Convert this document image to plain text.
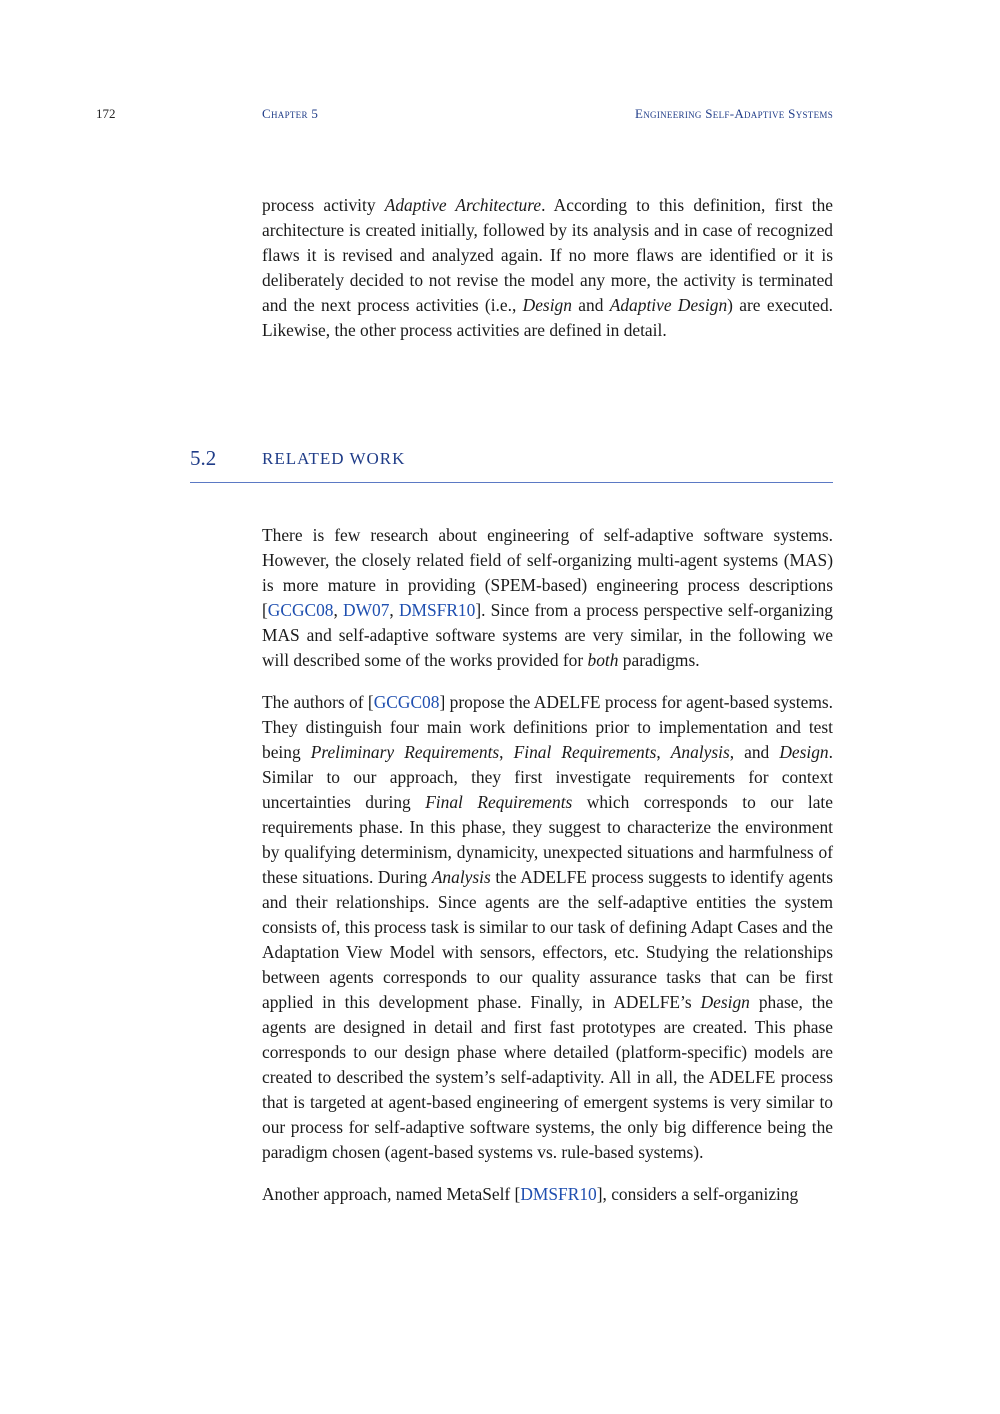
172	Chapter 5	Engineering Self-Adaptive Systems

process activity Adaptive Architecture. According to this definition, first the architecture is created initially, followed by its analysis and in case of recognized flaws it is revised and analyzed again. If no more flaws are identified or it is deliberately decided to not revise the model any more, the activity is terminated and the next process activities (i.e., Design and Adaptive Design) are executed. Likewise, the other process activities are defined in detail.

5.2	RELATED WORK

There is few research about engineering of self-adaptive software systems. However, the closely related field of self-organizing multi-agent systems (MAS) is more mature in providing (SPEM-based) engineering process descriptions [GCGC08, DW07, DMSFR10]. Since from a process perspective self-organizing MAS and self-adaptive software systems are very similar, in the following we will described some of the works provided for both paradigms.

The authors of [GCGC08] propose the ADELFE process for agent-based systems. They distinguish four main work definitions prior to implementation and test being Preliminary Requirements, Final Requirements, Analysis, and Design. Similar to our approach, they first investigate requirements for context uncertainties during Final Requirements which corresponds to our late requirements phase. In this phase, they suggest to characterize the environment by qualifying determinism, dynamicity, unexpected situations and harmfulness of these situations. During Analysis the ADELFE process suggests to identify agents and their relationships. Since agents are the self-adaptive entities the system consists of, this process task is similar to our task of defining Adapt Cases and the Adaptation View Model with sensors, effectors, etc. Studying the relationships between agents corresponds to our quality assurance tasks that can be first applied in this development phase. Finally, in ADELFE’s Design phase, the agents are designed in detail and first fast prototypes are created. This phase corresponds to our design phase where detailed (platform-specific) models are created to described the system’s self-adaptivity. All in all, the ADELFE process that is targeted at agent-based engineering of emergent systems is very similar to our process for self-adaptive software systems, the only big difference being the paradigm chosen (agent-based systems vs. rule-based systems).

Another approach, named MetaSelf [DMSFR10], considers a self-organizing
